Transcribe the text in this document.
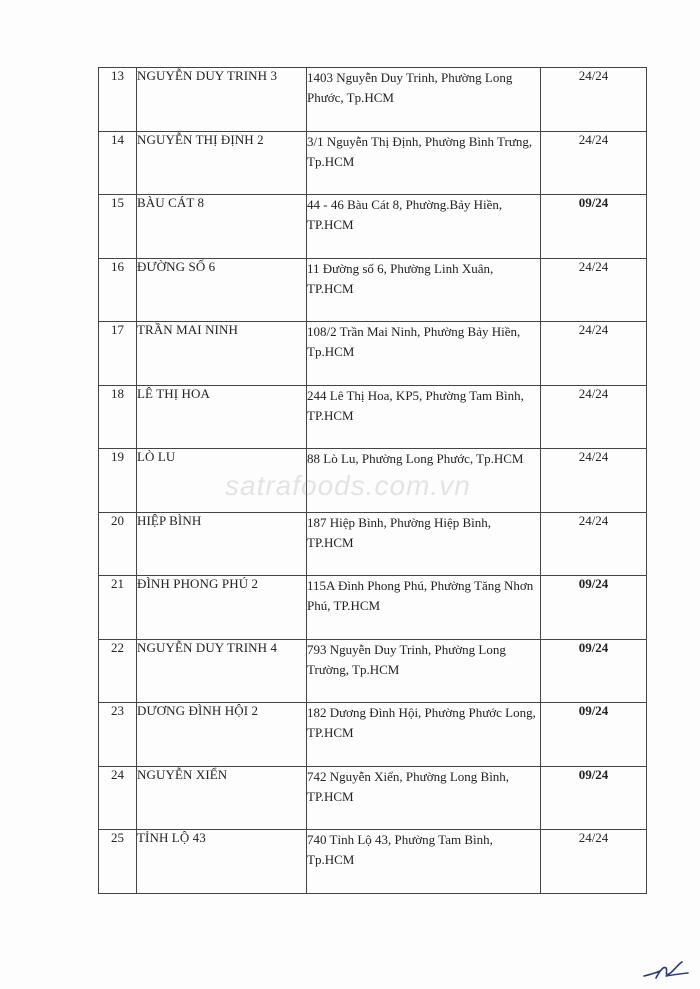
13	NGUYỄN DUY TRINH 3	1403 Nguyễn Duy Trinh, Phường Long Phước, Tp.HCM	24/24
14	NGUYỄN THỊ ĐỊNH 2	3/1 Nguyễn Thị Định, Phường Bình Trưng, Tp.HCM	24/24
15	BÀU CÁT 8	44 - 46 Bàu Cát 8, Phường.Bảy Hiền, TP.HCM	09/24
16	ĐƯỜNG SỐ 6	11 Đường số 6, Phường Linh Xuân, TP.HCM	24/24
17	TRẦN MAI NINH	108/2 Trần Mai Ninh, Phường Bảy Hiền, Tp.HCM	24/24
18	LÊ THỊ HOA	244 Lê Thị Hoa, KP5, Phường Tam Bình, TP.HCM	24/24
19	LÒ LU	88 Lò Lu, Phường Long Phước, Tp.HCM	24/24
20	HIỆP BÌNH	187 Hiệp Bình, Phường Hiệp Bình, TP.HCM	24/24
21	ĐÌNH PHONG PHÚ 2	115A Đình Phong Phú, Phường Tăng Nhơn Phú, TP.HCM	09/24
22	NGUYỄN DUY TRINH 4	793 Nguyễn Duy Trinh, Phường Long Trường, Tp.HCM	09/24
23	DƯƠNG ĐÌNH HỘI 2	182 Dương Đình Hội, Phường Phước Long, TP.HCM	09/24
24	NGUYỄN XIỂN	742 Nguyễn Xiển, Phường Long Bình, TP.HCM	09/24
25	TỈNH LỘ 43	740 Tỉnh Lộ 43, Phường Tam Bình, Tp.HCM	24/24
satrafoods.com.vn
